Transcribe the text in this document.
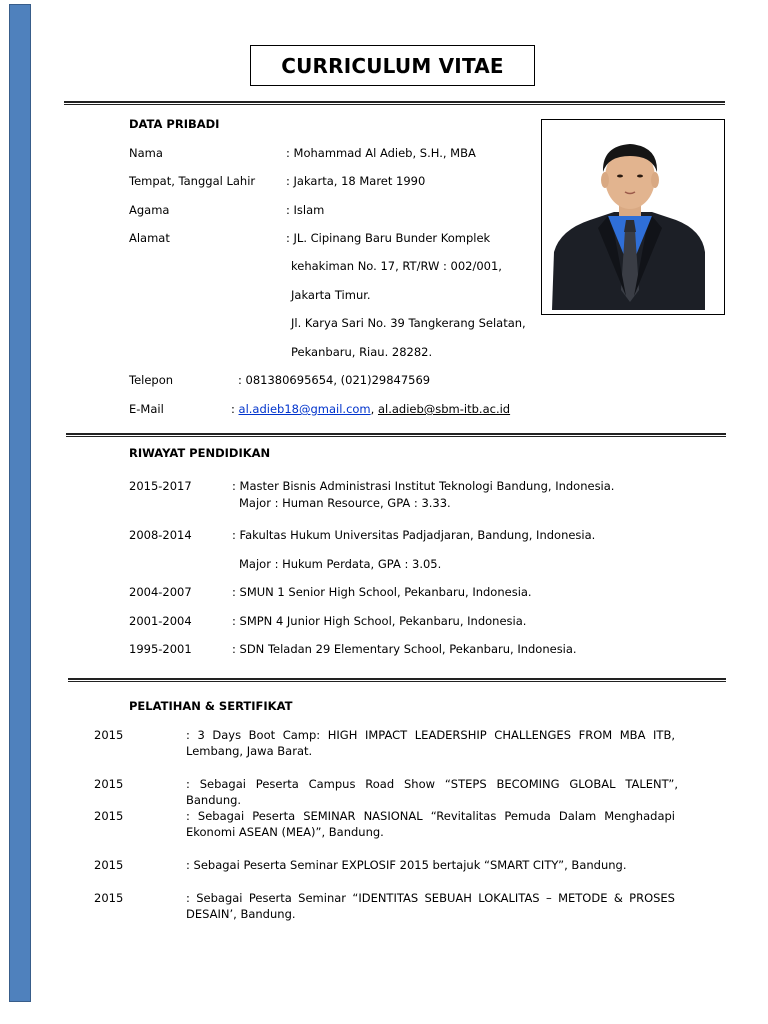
CURRICULUM VITAE
DATA PRIBADI
Nama	: Mohammad Al Adieb, S.H., MBA
Tempat, Tanggal Lahir	: Jakarta, 18 Maret 1990
Agama	: Islam
Alamat	: JL. Cipinang Baru Bunder Komplek
kehakiman No. 17, RT/RW : 002/001,
Jakarta Timur.
Jl. Karya Sari No. 39 Tangkerang Selatan,
Pekanbaru, Riau. 28282.
Telepon	: 081380695654, (021)29847569
E-Mail	: al.adieb18@gmail.com, al.adieb@sbm-itb.ac.id
RIWAYAT PENDIDIKAN
2015-2017	: Master Bisnis Administrasi Institut Teknologi Bandung, Indonesia.
Major : Human Resource, GPA : 3.33.
2008-2014	: Fakultas Hukum Universitas Padjadjaran, Bandung, Indonesia.
Major : Hukum Perdata, GPA : 3.05.
2004-2007	: SMUN 1 Senior High School, Pekanbaru, Indonesia.
2001-2004	: SMPN 4 Junior High School, Pekanbaru, Indonesia.
1995-2001	: SDN Teladan 29 Elementary School, Pekanbaru, Indonesia.
PELATIHAN & SERTIFIKAT
2015	: 3 Days Boot Camp: HIGH IMPACT LEADERSHIP CHALLENGES FROM MBA ITB, Lembang, Jawa Barat.
2015	: Sebagai Peserta Campus Road Show “STEPS BECOMING GLOBAL TALENT”, Bandung.
2015	: Sebagai Peserta SEMINAR NASIONAL “Revitalitas Pemuda Dalam Menghadapi Ekonomi ASEAN (MEA)”, Bandung.
2015	: Sebagai Peserta Seminar EXPLOSIF 2015 bertajuk “SMART CITY”, Bandung.
2015	: Sebagai Peserta Seminar “IDENTITAS SEBUAH LOKALITAS – METODE & PROSES DESAIN’, Bandung.
